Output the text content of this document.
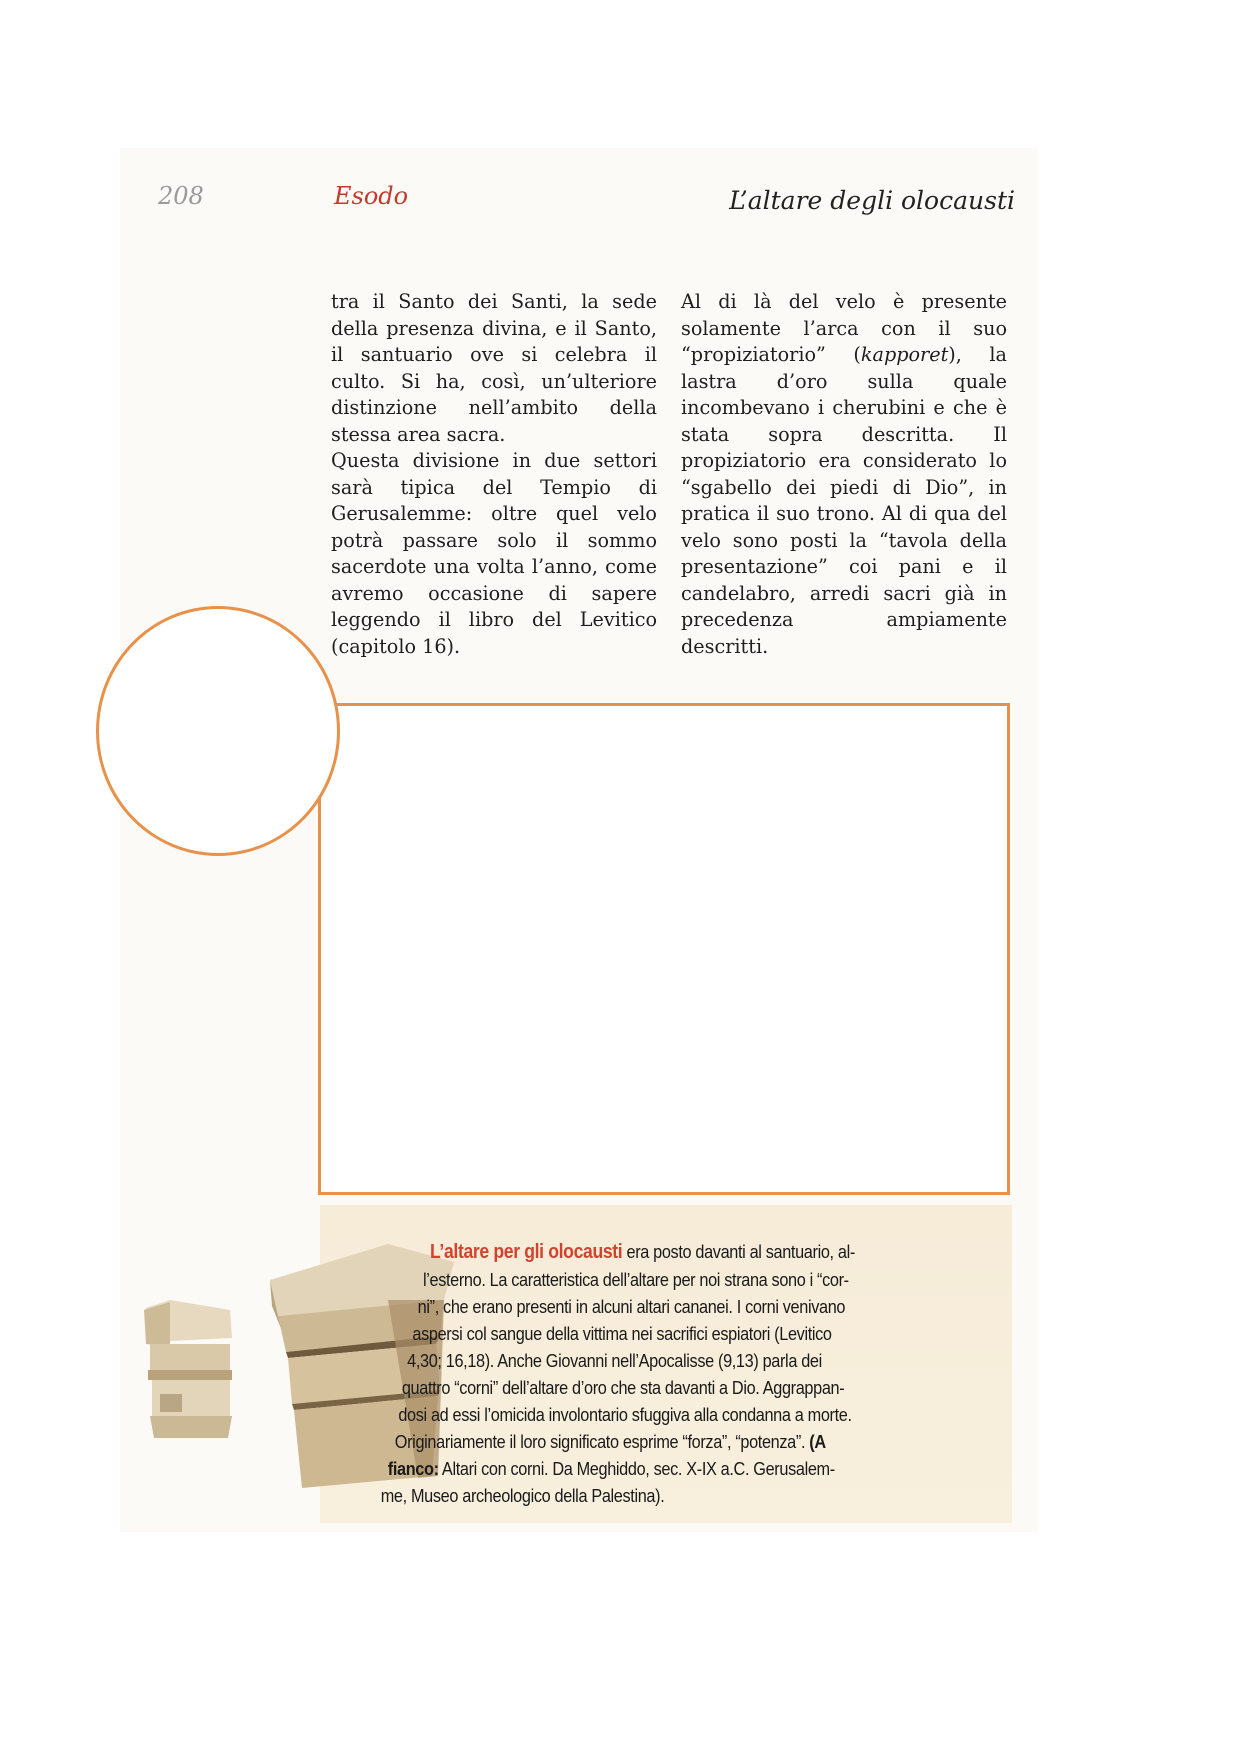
208	Esodo	L’altare degli olocausti

tra il Santo dei Santi, la sede della presenza divina, e il Santo, il santuario ove si celebra il culto. Si ha, così, un’ulteriore distinzione nell’ambito della stessa area sacra.

Questa divisione in due settori sarà tipica del Tempio di Gerusalemme: oltre quel velo potrà passare solo il sommo sacerdote una volta l’anno, come avremo occasione di sapere leggendo il libro del Levitico (capitolo 16).

Al di là del velo è presente solamente l’arca con il suo “propiziatorio” (kapporet), la lastra d’oro sulla quale incombevano i cherubini e che è stata sopra descritta. Il propiziatorio era considerato lo “sgabello dei piedi di Dio”, in pratica il suo trono. Al di qua del velo sono posti la “tavola della presentazione” coi pani e il candelabro, arredi sacri già in precedenza ampiamente descritti.

L’altare per gli olocausti era posto davanti al santuario, al-
l’esterno. La caratteristica dell’altare per noi strana sono i “cor-
ni”, che erano presenti in alcuni altari cananei. I corni venivano
aspersi col sangue della vittima nei sacrifici espiatori (Levitico
4,30; 16,18). Anche Giovanni nell’Apocalisse (9,13) parla dei
quattro “corni” dell’altare d’oro che sta davanti a Dio. Aggrappan-
dosi ad essi l’omicida involontario sfuggiva alla condanna a morte.
Originariamente il loro significato esprime “forza”, “potenza”. (A
fianco: Altari con corni. Da Meghiddo, sec. X-IX a.C. Gerusalem-
me, Museo archeologico della Palestina).
